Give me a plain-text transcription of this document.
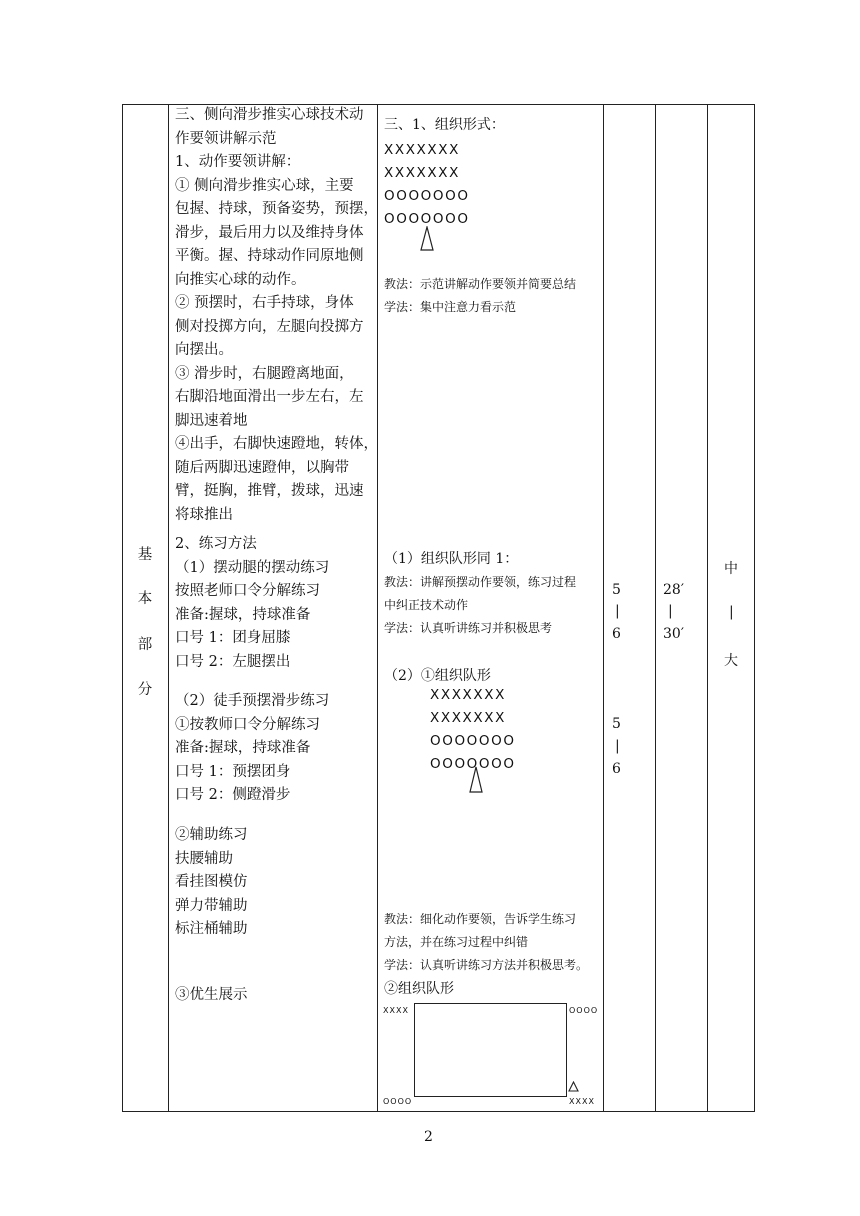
基
本
部
分
三、侧向滑步推实心球技术动
作要领讲解示范
1、动作要领讲解：
① 侧向滑步推实心球，主要
包握、持球，预备姿势，预摆，
滑步，最后用力以及维持身体
平衡。握、持球动作同原地侧
向推实心球的动作。
② 预摆时，右手持球，身体
侧对投掷方向，左腿向投掷方
向摆出。
③ 滑步时，右腿蹬离地面，
右脚沿地面滑出一步左右，左
脚迅速着地
④出手，右脚快速蹬地，转体，
随后两脚迅速蹬伸，以胸带
臂，挺胸，推臂，拨球，迅速
将球推出
2、练习方法
（1）摆动腿的摆动练习
按照老师口令分解练习
准备:握球，持球准备
口号 1：团身屈膝
口号 2：左腿摆出
（2）徒手预摆滑步练习
①按教师口令分解练习
准备:握球，持球准备
口号 1：预摆团身
口号 2：侧蹬滑步
②辅助练习
扶腰辅助
看挂图模仿
弹力带辅助
标注桶辅助
③优生展示
三、1、组织形式：
XXXXXXX
XXXXXXX
OOOOOOO
OOOOOOO
教法：示范讲解动作要领并简要总结
学法：集中注意力看示范
（1）组织队形同 1：
教法：讲解预摆动作要领，练习过程
中纠正技术动作
学法：认真听讲练习并积极思考
（2）①组织队形
XXXXXXX
XXXXXXX
OOOOOOO
OOOOOOO
教法：细化动作要领，告诉学生练习
方法，并在练习过程中纠错
学法：认真听讲练习方法并积极思考。
②组织队形
XXXX	OOOO
OOOO	XXXX
5
|
6
5
|
6
28′
|
30′
中
|
大
2
